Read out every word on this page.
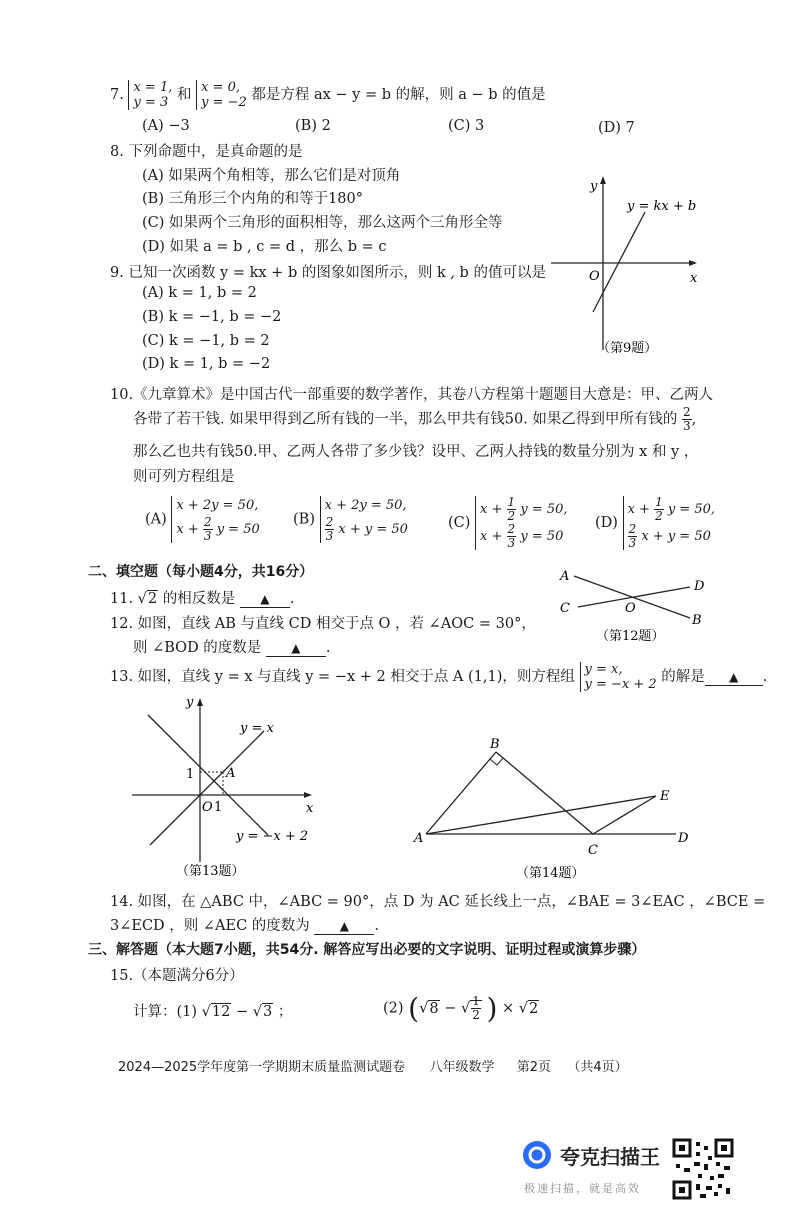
7. x = 1,
y = 3 和 x = 0,
y = −2 都是方程 ax − y = b 的解，则 a − b 的值是
(A) −3	(B) 2	(C) 3	(D) 7
8. 下列命题中，是真命题的是
(A) 如果两个角相等，那么它们是对顶角
(B) 三角形三个内角的和等于180°
(C) 如果两个三角形的面积相等，那么这两个三角形全等
(D) 如果 a = b , c = d ，那么 b = c
9. 已知一次函数 y = kx + b 的图象如图所示，则 k , b 的值可以是
(A) k = 1, b = 2
(B) k = −1, b = −2
(C) k = −1, b = 2
(D) k = 1, b = −2
y
x
O
y = kx + b
（第9题）
10.《九章算术》是中国古代一部重要的数学著作，其卷八方程第十题题目大意是：甲、乙两人
各带了若干钱. 如果甲得到乙所有钱的一半，那么甲共有钱50. 如果乙得到甲所有钱的 $\frac{2}{3}$ ,
那么乙也共有钱50.甲、乙两人各带了多少钱？设甲、乙两人持钱的数量分别为 x 和 y ，
则可列方程组是
(A) x + 2y = 50,
$x + \frac{2}{3}$ y = 50
(B) x + 2y = 50,

$\frac{2}{3}$ x + y = 50	(C) $x + \frac{1}{2}$ y = 50,
$x + \frac{2}{3}$ y = 50
(D) $x + \frac{1}{2}$ y = 50,

$\frac{2}{3}$ x + y = 50
二、填空题（每小题4分，共16分）
11. √2 的相反数是 ▲ .
12. 如图，直线 AB 与直线 CD 相交于点 O ，若 ∠AOC = 30°，
则 ∠BOD 的度数是 ▲ .
A
D
C	O
B
（第12题）
13. 如图，直线 y = x 与直线 y = −x + 2 相交于点 A (1,1)，则方程组 y = x,
y = −x + 2 的解是 ▲ .
y
x
O 1
1 A
y = x
y = −x + 2
（第13题）
A
B
C
D
E
（第14题）
14. 如图，在 △ABC 中，∠ABC = 90°，点 D 为 AC 延长线上一点，∠BAE = 3∠EAC ，∠BCE =
3∠ECD ，则 ∠AEC 的度数为 ▲ .
三、解答题（本大题7小题，共54分. 解答应写出必要的文字说明、证明过程或演算步骤）
15.（本题满分6分）
计算：(1) √12 − √3 ；	(2) (√8 − √ $\frac{1}{2}$ ) × √2
2024—2025学年度第一学期期末质量监测试题卷 八年级数学 第2页 （共4页）
夸克扫描王
极速扫描，就是高效
